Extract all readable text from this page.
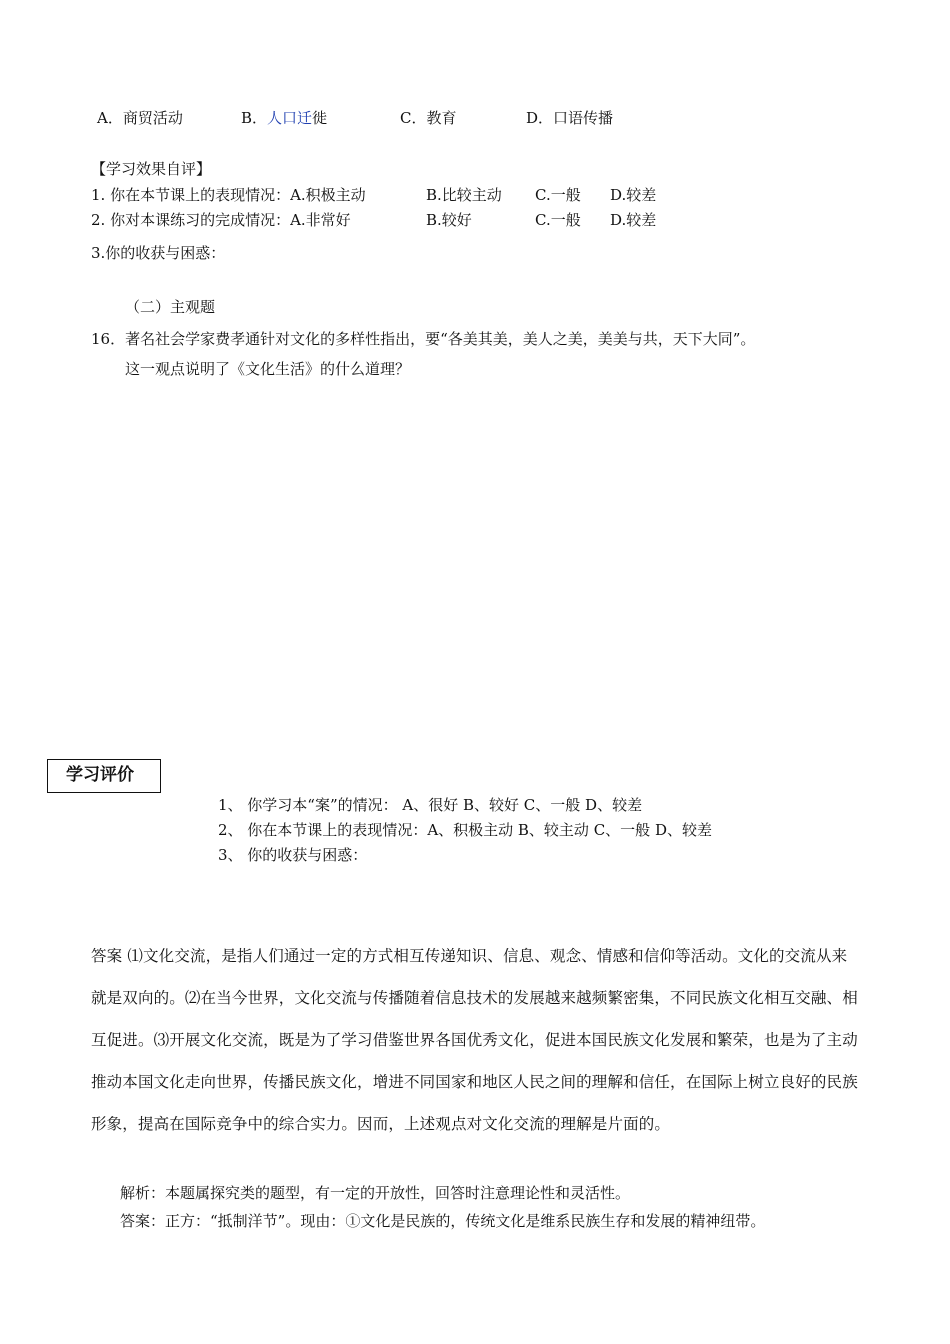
A．商贸活动	B．人口迁徙	C．教育	D．口语传播
【学习效果自评】
1. 你在本节课上的表现情况：A.积极主动	B.比较主动 C.一般 D.较差
2. 你对本课练习的完成情况：A.非常好	B.较好	C.一般 D.较差
3.你的收获与困惑：
（二）主观题
16．著名社会学家费孝通针对文化的多样性指出，要“各美其美，美人之美，美美与共，天下大同”。
这一观点说明了《文化生活》的什么道理？
学习评价
1、 你学习本“案”的情况： A、很好 B、较好 C、一般 D、较差
2、 你在本节课上的表现情况：A、积极主动 B、较主动 C、一般 D、较差
3、 你的收获与困惑：
答案 ⑴文化交流，是指人们通过一定的方式相互传递知识、信息、观念、情感和信仰等活动。文化的交流从来就是双向的。⑵在当今世界，文化交流与传播随着信息技术的发展越来越频繁密集，不同民族文化相互交融、相互促进。⑶开展文化交流，既是为了学习借鉴世界各国优秀文化，促进本国民族文化发展和繁荣，也是为了主动推动本国文化走向世界，传播民族文化，增进不同国家和地区人民之间的理解和信任，在国际上树立良好的民族形象，提高在国际竞争中的综合实力。因而，上述观点对文化交流的理解是片面的。
解析：本题属探究类的题型，有一定的开放性，回答时注意理论性和灵活性。
答案：正方：“抵制洋节”。现由：①文化是民族的，传统文化是维系民族生存和发展的精神纽带。
